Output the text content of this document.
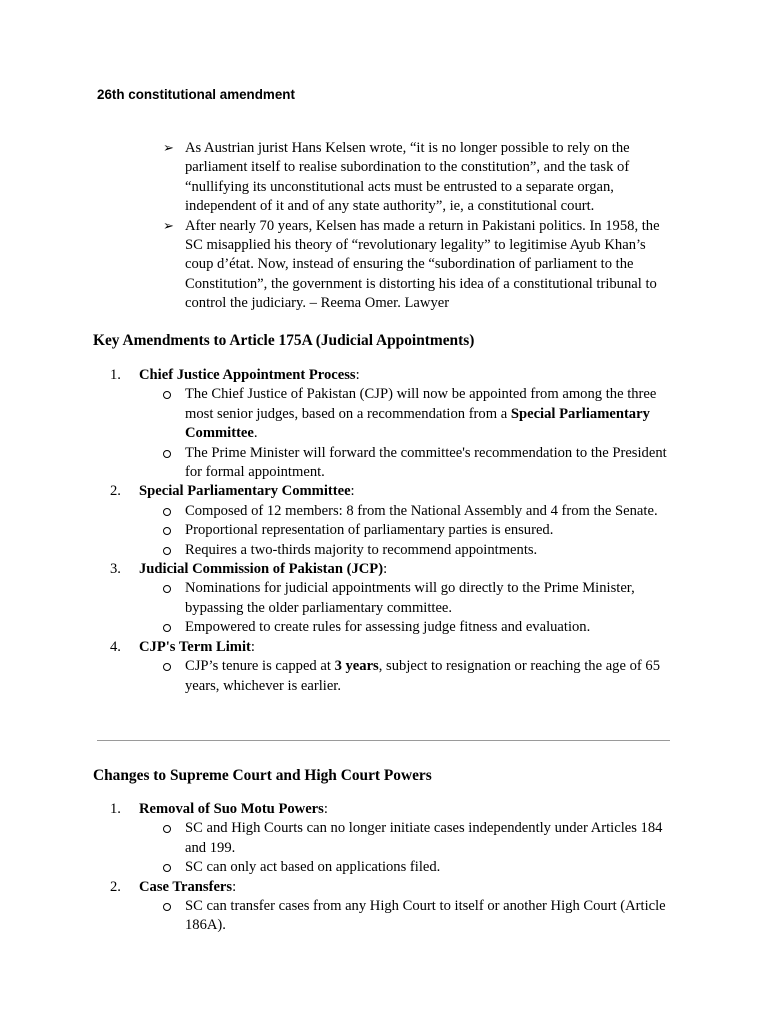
26th constitutional amendment
➢ As Austrian jurist Hans Kelsen wrote, “it is no longer possible to rely on the parliament itself to realise subordination to the constitution”, and the task of “nullifying its unconstitutional acts must be entrusted to a separate organ, independent of it and of any state authority”, ie, a constitutional court.
➢ After nearly 70 years, Kelsen has made a return in Pakistani politics. In 1958, the SC misapplied his theory of “revolutionary legality” to legitimise Ayub Khan’s coup d’état. Now, instead of ensuring the “subordination of parliament to the Constitution”, the government is distorting his idea of a constitutional tribunal to control the judiciary. – Reema Omer. Lawyer
Key Amendments to Article 175A (Judicial Appointments)
1.	Chief Justice Appointment Process:
The Chief Justice of Pakistan (CJP) will now be appointed from among the three most senior judges, based on a recommendation from a Special Parliamentary Committee.
The Prime Minister will forward the committee's recommendation to the President for formal appointment.
2.	Special Parliamentary Committee:
Composed of 12 members: 8 from the National Assembly and 4 from the Senate.
Proportional representation of parliamentary parties is ensured.
Requires a two-thirds majority to recommend appointments.
3.	Judicial Commission of Pakistan (JCP):
Nominations for judicial appointments will go directly to the Prime Minister, bypassing the older parliamentary committee.
Empowered to create rules for assessing judge fitness and evaluation.
4.	CJP's Term Limit:
CJP’s tenure is capped at 3 years, subject to resignation or reaching the age of 65 years, whichever is earlier.
Changes to Supreme Court and High Court Powers
1.	Removal of Suo Motu Powers:
SC and High Courts can no longer initiate cases independently under Articles 184 and 199.
SC can only act based on applications filed.
2.	Case Transfers:
SC can transfer cases from any High Court to itself or another High Court (Article 186A).
